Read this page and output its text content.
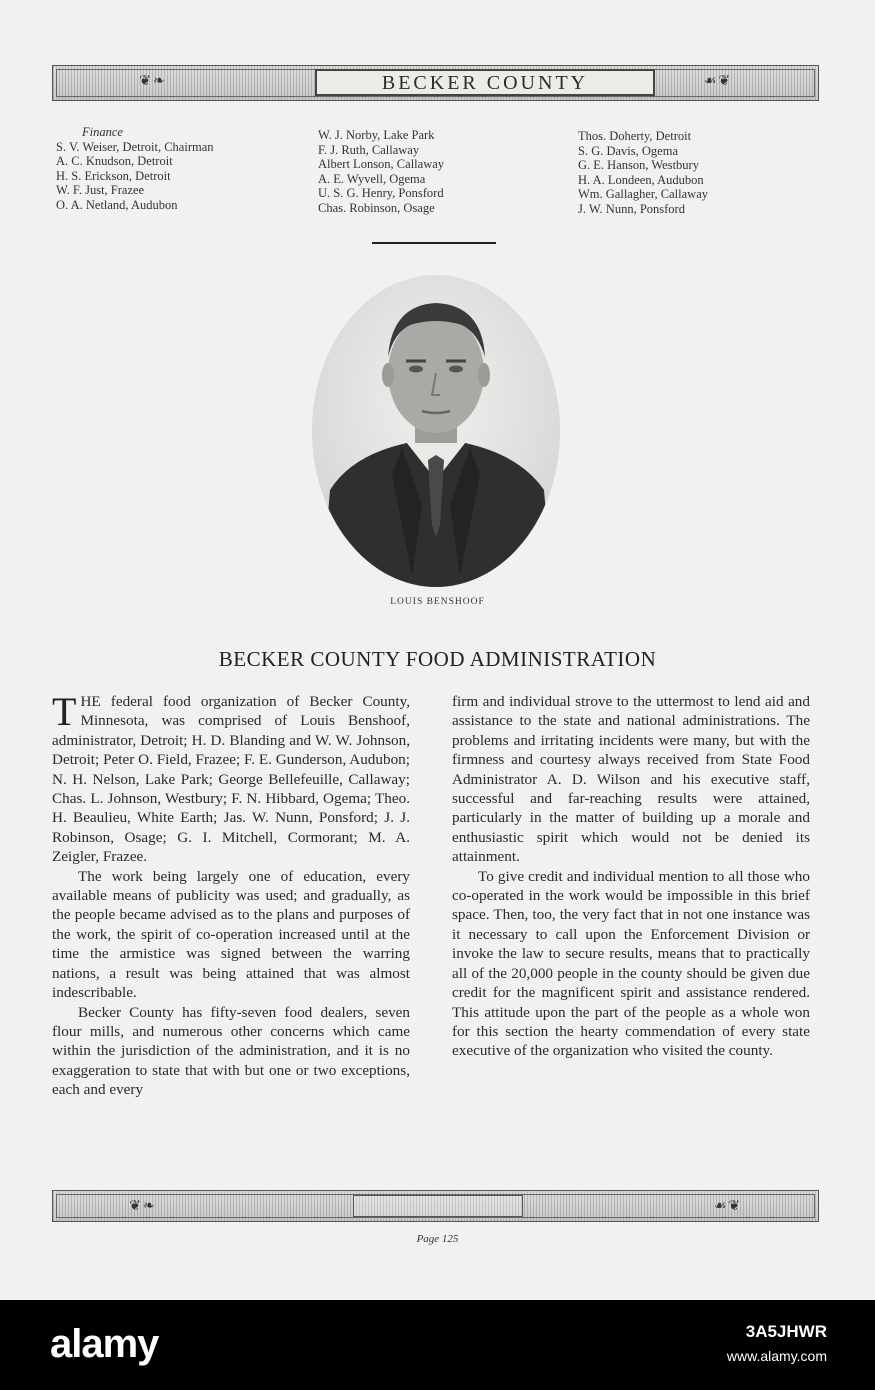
❦❧	☙❦
BECKER COUNTY
Finance
S. V. Weiser, Detroit, Chairman
A. C. Knudson, Detroit
H. S. Erickson, Detroit
W. F. Just, Frazee
O. A. Netland, Audubon
W. J. Norby, Lake Park
F. J. Ruth, Callaway
Albert Lonson, Callaway
A. E. Wyvell, Ogema
U. S. G. Henry, Ponsford
Chas. Robinson, Osage
Thos. Doherty, Detroit
S. G. Davis, Ogema
G. E. Hanson, Westbury
H. A. Londeen, Audubon
Wm. Gallagher, Callaway
J. W. Nunn, Ponsford
LOUIS BENSHOOF
BECKER COUNTY FOOD ADMINISTRATION

THE federal food organization of Becker County, Minnesota, was comprised of Louis Benshoof, administrator, Detroit; H. D. Blanding and W. W. Johnson, Detroit; Peter O. Field, Frazee; F. E. Gunderson, Audubon; N. H. Nelson, Lake Park; George Bellefeuille, Callaway; Chas. L. Johnson, Westbury; F. N. Hibbard, Ogema; Theo. H. Beaulieu, White Earth; Jas. W. Nunn, Ponsford; J. J. Robinson, Osage; G. I. Mitchell, Cormorant; M. A. Zeigler, Frazee.

The work being largely one of education, every available means of publicity was used; and gradually, as the people became advised as to the plans and purposes of the work, the spirit of co-operation increased until at the time the armistice was signed between the warring nations, a result was being attained that was almost indescribable.

Becker County has fifty-seven food dealers, seven flour mills, and numerous other concerns which came within the jurisdiction of the administration, and it is no exaggeration to state that with but one or two exceptions, each and every

firm and individual strove to the uttermost to lend aid and assistance to the state and national administrations. The problems and irritating incidents were many, but with the firmness and courtesy always received from State Food Administrator A. D. Wilson and his executive staff, successful and far-reaching results were attained, particularly in the matter of building up a morale and enthusiastic spirit which would not be denied its attainment.

To give credit and individual mention to all those who co-operated in the work would be impossible in this brief space. Then, too, the very fact that in not one instance was it necessary to call upon the Enforcement Division or invoke the law to secure results, means that to practically all of the 20,000 people in the county should be given due credit for the magnificent spirit and assistance rendered. This attitude upon the part of the people as a whole won for this section the hearty commendation of every state executive of the organization who visited the county.

❦❧	☙❦
Page 125
alamy	3A5JHWR
www.alamy.com
